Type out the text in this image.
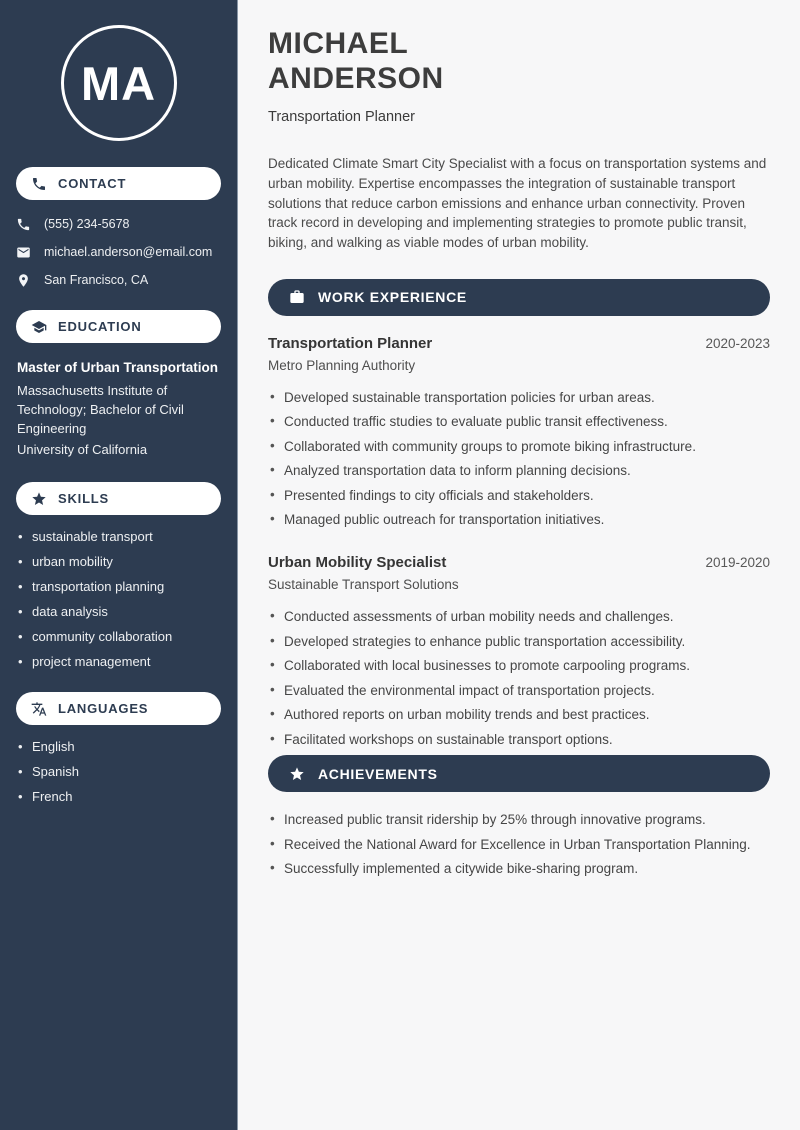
MA
CONTACT
(555) 234-5678
michael.anderson@email.com
San Francisco, CA
EDUCATION
Master of Urban Transportation
Massachusetts Institute of Technology; Bachelor of Civil Engineering
University of California
SKILLS
• sustainable transport
• urban mobility
• transportation planning
• data analysis
• community collaboration
• project management
LANGUAGES
• English
• Spanish
• French
MICHAEL
ANDERSON
Transportation Planner

Dedicated Climate Smart City Specialist with a focus on transportation systems and urban mobility. Expertise encompasses the integration of sustainable transport solutions that reduce carbon emissions and enhance urban connectivity. Proven track record in developing and implementing strategies to promote public transit, biking, and walking as viable modes of urban mobility.

WORK EXPERIENCE
Transportation Planner	2020-2023
Metro Planning Authority
• Developed sustainable transportation policies for urban areas.
• Conducted traffic studies to evaluate public transit effectiveness.
• Collaborated with community groups to promote biking infrastructure.
• Analyzed transportation data to inform planning decisions.
• Presented findings to city officials and stakeholders.
• Managed public outreach for transportation initiatives.
Urban Mobility Specialist	2019-2020
Sustainable Transport Solutions
• Conducted assessments of urban mobility needs and challenges.
• Developed strategies to enhance public transportation accessibility.
• Collaborated with local businesses to promote carpooling programs.
• Evaluated the environmental impact of transportation projects.
• Authored reports on urban mobility trends and best practices.
• Facilitated workshops on sustainable transport options.
ACHIEVEMENTS
• Increased public transit ridership by 25% through innovative programs.
• Received the National Award for Excellence in Urban Transportation Planning.
• Successfully implemented a citywide bike-sharing program.
